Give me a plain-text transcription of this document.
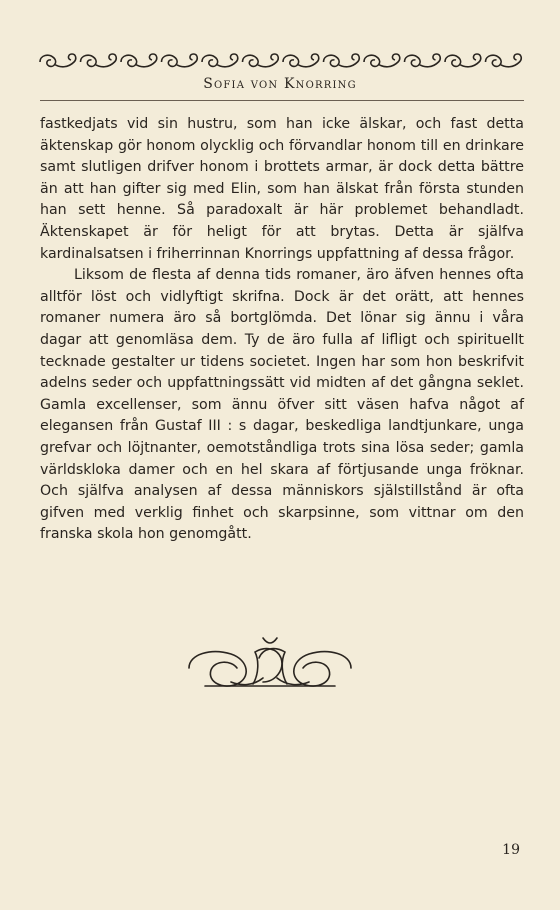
Sofia von Knorring

fastkedjats vid sin hustru, som han icke älskar, och fast detta äktenskap gör honom olycklig och förvandlar honom till en drinkare samt slutligen drifver honom i brottets armar, är dock detta bättre än att han gifter sig med Elin, som han älskat från första stunden han sett henne. Så paradoxalt är här problemet behandladt. Äktenskapet är för heligt för att brytas. Detta är själfva kardinalsatsen i friherrinnan Knorrings uppfattning af dessa frågor.

Liksom de flesta af denna tids romaner, äro äfven hennes ofta alltför löst och vidlyftigt skrifna. Dock är det orätt, att hennes romaner numera äro så bortglömda. Det lönar sig ännu i våra dagar att genomläsa dem. Ty de äro fulla af lifligt och spirituellt tecknade gestalter ur tidens societet. Ingen har som hon beskrifvit adelns seder och uppfattningssätt vid midten af det gångna seklet. Gamla excellenser, som ännu öfver sitt väsen hafva något af elegansen från Gustaf III : s dagar, beskedliga landtjunkare, unga grefvar och löjtnanter, oemotståndliga trots sina lösa seder; gamla världskloka damer och en hel skara af förtjusande unga fröknar. Och själfva analysen af dessa människors själstillstånd är ofta gifven med verklig finhet och skarpsinne, som vittnar om den franska skola hon genomgått.

19
